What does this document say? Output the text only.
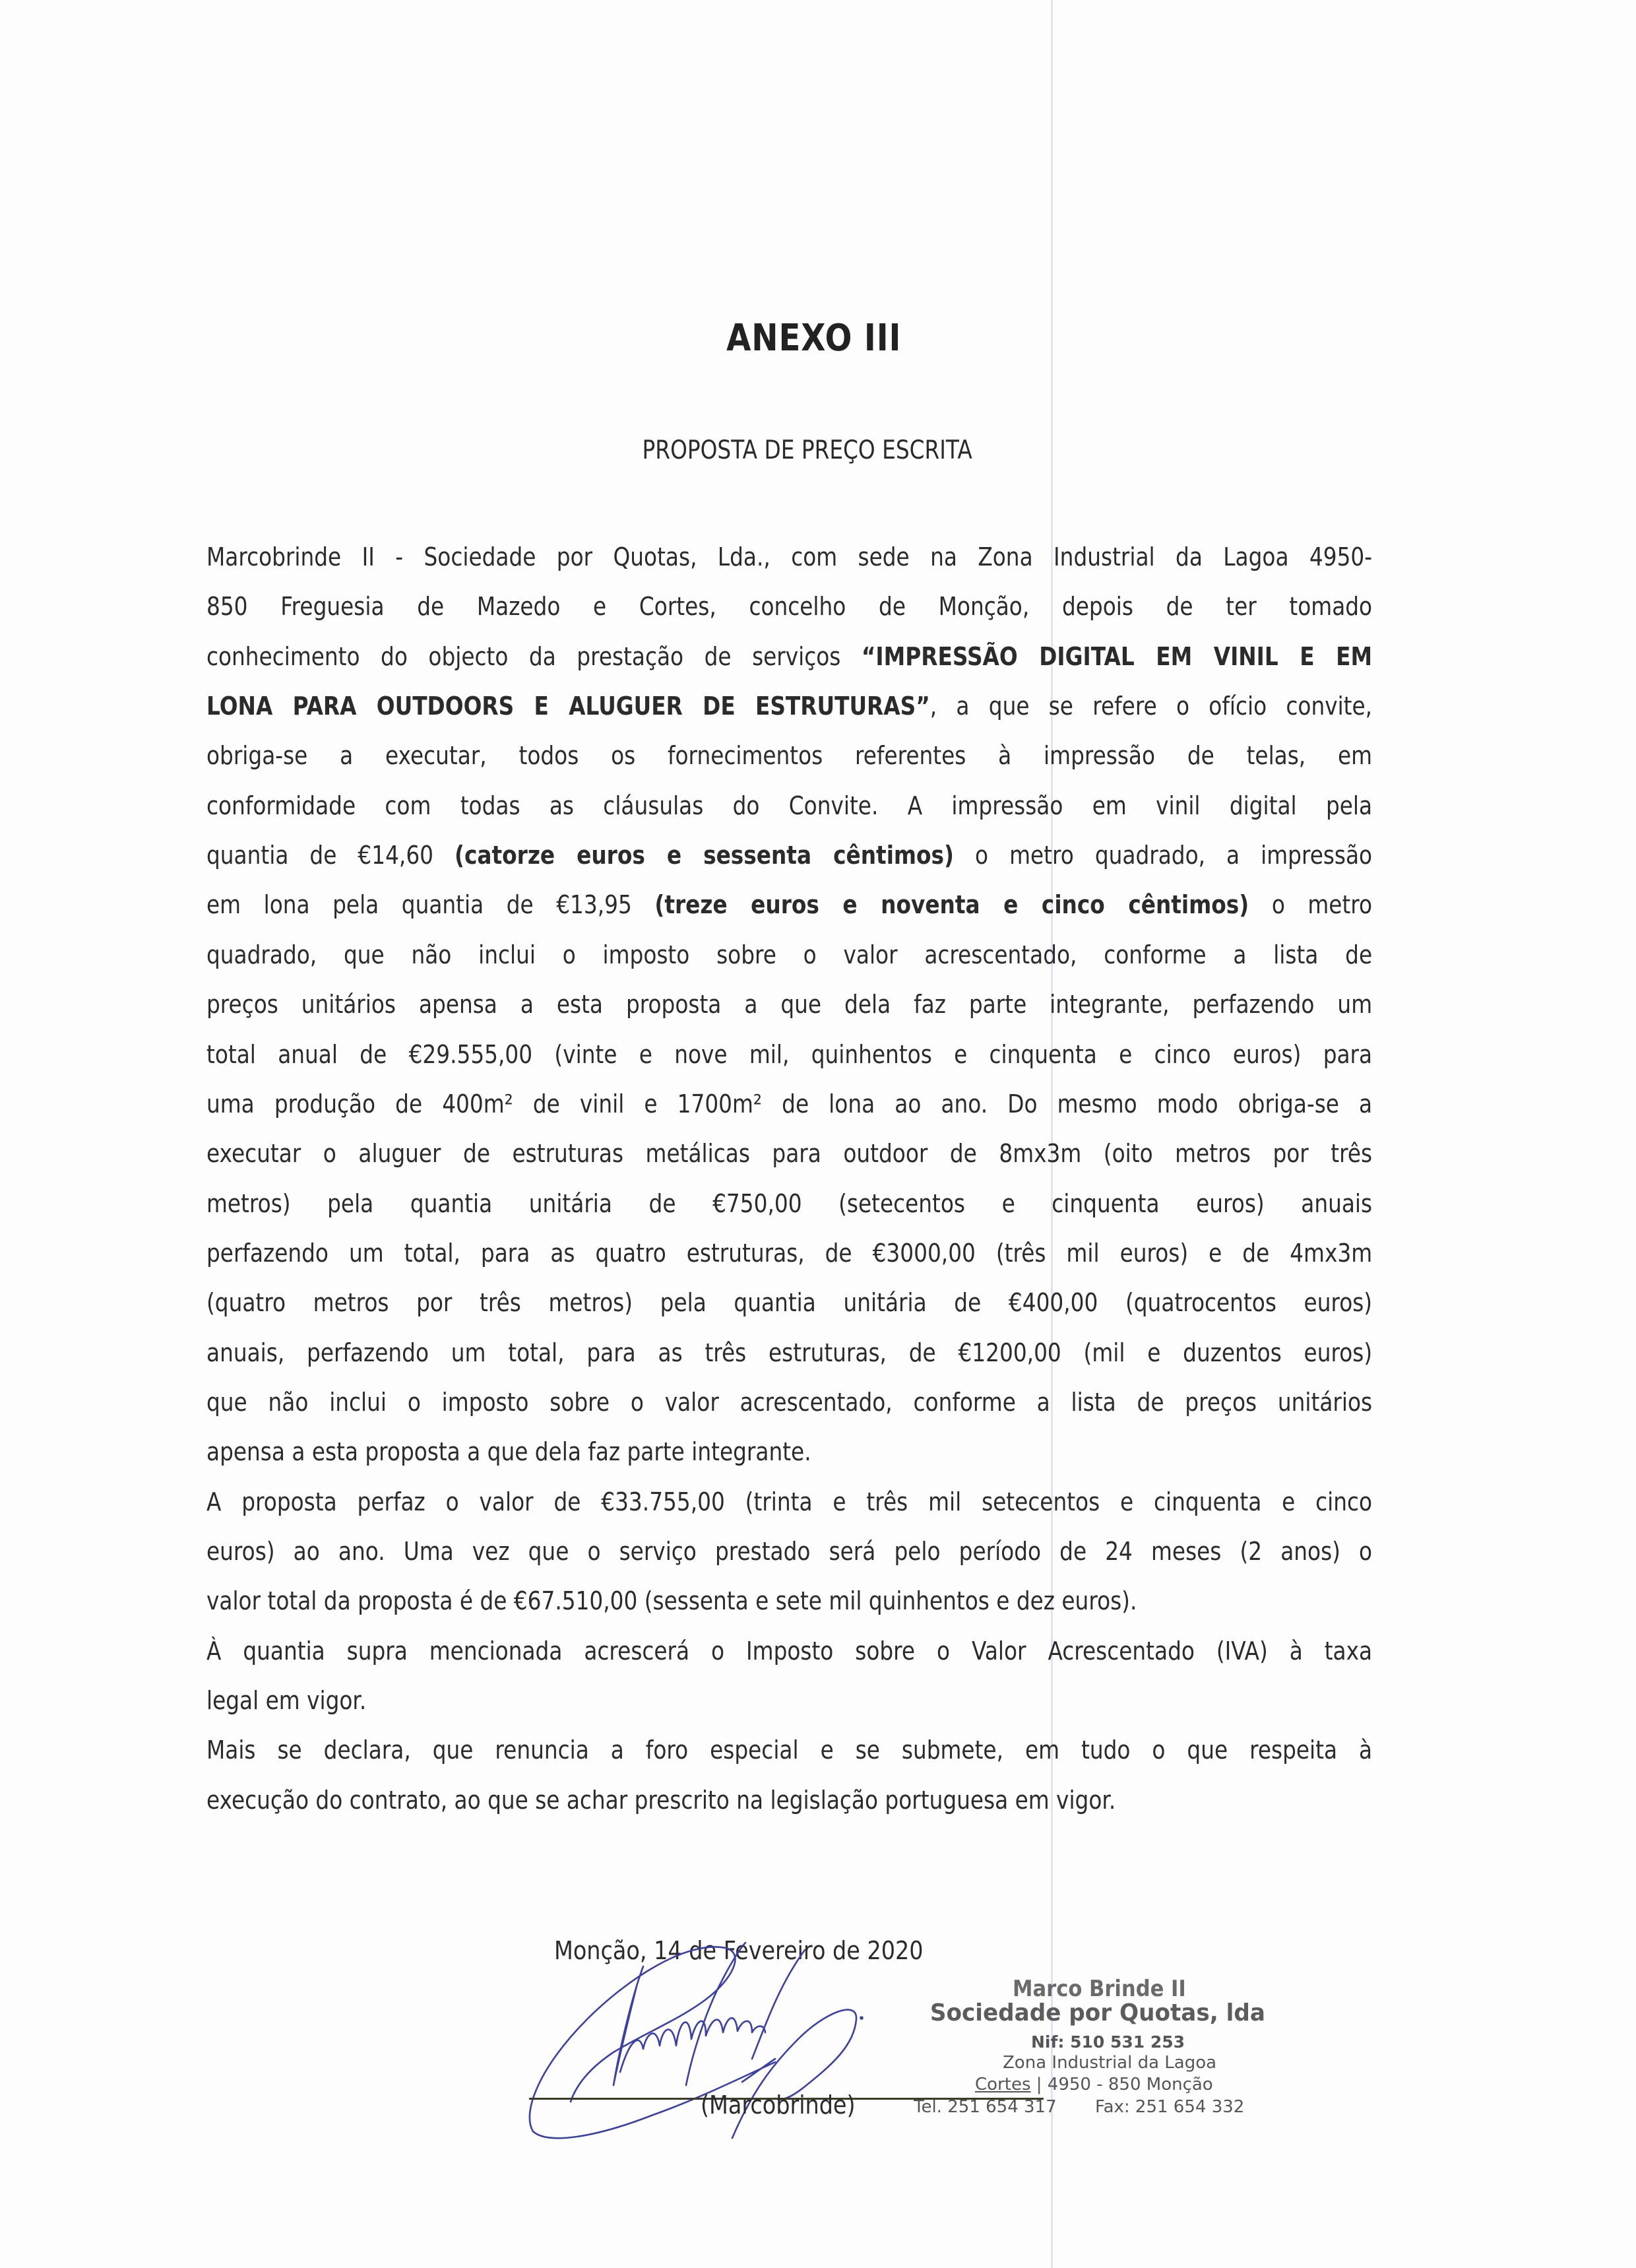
ANEXO III
PROPOSTA DE PREÇO ESCRITA
Marcobrinde II - Sociedade por Quotas, Lda., com sede na Zona Industrial da Lagoa 4950-
850 Freguesia de Mazedo e Cortes, concelho de Monção, depois de ter tomado
conhecimento do objecto da prestação de serviços “IMPRESSÃO DIGITAL EM VINIL E EM
LONA PARA OUTDOORS E ALUGUER DE ESTRUTURAS”, a que se refere o ofício convite,
obriga-se a executar, todos os fornecimentos referentes à impressão de telas, em
conformidade com todas as cláusulas do Convite. A impressão em vinil digital pela
quantia de €14,60 (catorze euros e sessenta cêntimos) o metro quadrado, a impressão
em lona pela quantia de €13,95 (treze euros e noventa e cinco cêntimos) o metro
quadrado, que não inclui o imposto sobre o valor acrescentado, conforme a lista de
preços unitários apensa a esta proposta a que dela faz parte integrante, perfazendo um
total anual de €29.555,00 (vinte e nove mil, quinhentos e cinquenta e cinco euros) para
uma produção de 400m² de vinil e 1700m² de lona ao ano. Do mesmo modo obriga-se a
executar o aluguer de estruturas metálicas para outdoor de 8mx3m (oito metros por três
metros) pela quantia unitária de €750,00 (setecentos e cinquenta euros) anuais
perfazendo um total, para as quatro estruturas, de €3000,00 (três mil euros) e de 4mx3m
(quatro metros por três metros) pela quantia unitária de €400,00 (quatrocentos euros)
anuais, perfazendo um total, para as três estruturas, de €1200,00 (mil e duzentos euros)
que não inclui o imposto sobre o valor acrescentado, conforme a lista de preços unitários
apensa a esta proposta a que dela faz parte integrante.
A proposta perfaz o valor de €33.755,00 (trinta e três mil setecentos e cinquenta e cinco
euros) ao ano. Uma vez que o serviço prestado será pelo período de 24 meses (2 anos) o
valor total da proposta é de €67.510,00 (sessenta e sete mil quinhentos e dez euros).
À quantia supra mencionada acrescerá o Imposto sobre o Valor Acrescentado (IVA) à taxa
legal em vigor.
Mais se declara, que renuncia a foro especial e se submete, em tudo o que respeita à
execução do contrato, ao que se achar prescrito na legislação portuguesa em vigor.
Monção, 14 de Fevereiro de 2020
(Marcobrinde)
Marco Brinde II
Sociedade por Quotas, lda
Nif: 510 531 253
Zona Industrial da Lagoa
Cortes | 4950 - 850 Monção
Tel. 251 654 317 Fax: 251 654 332
